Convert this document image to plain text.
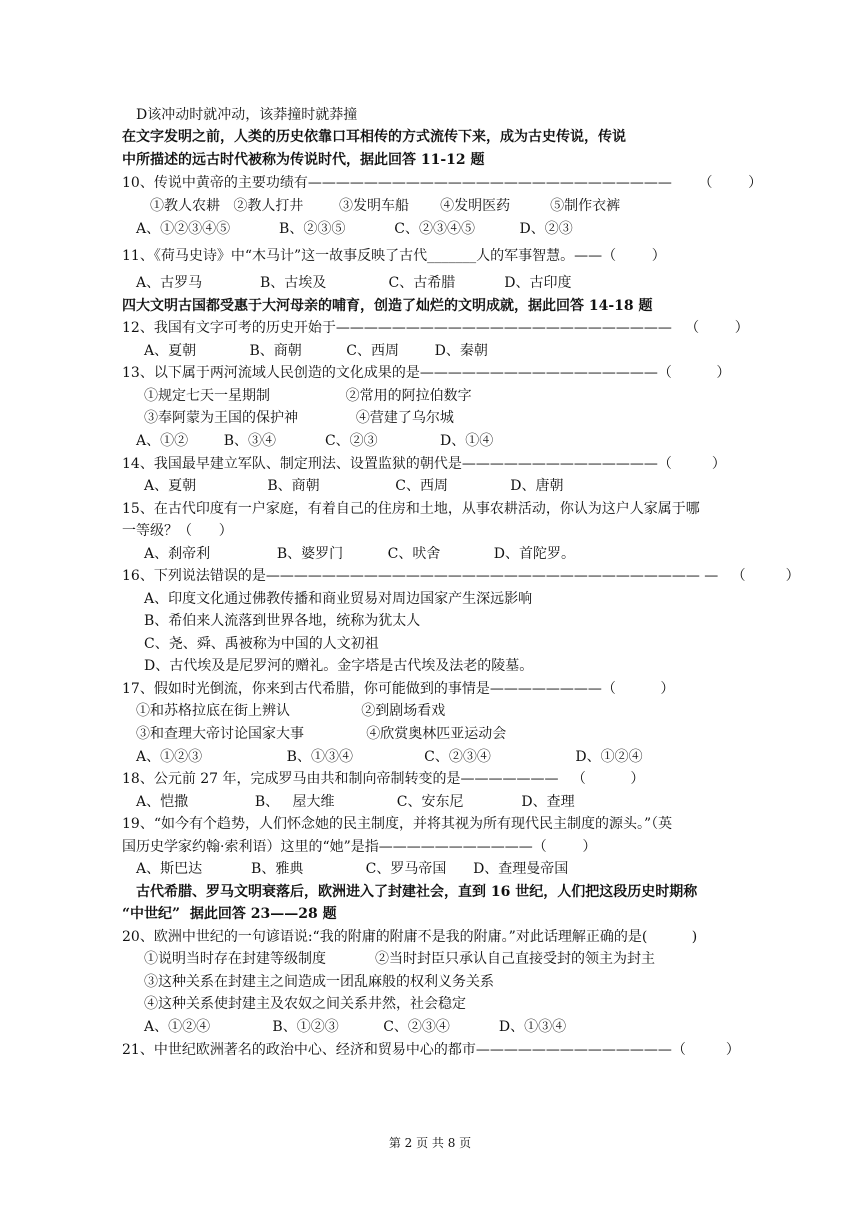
D该冲动时就冲动，该莽撞时就莽撞
在文字发明之前，人类的历史依靠口耳相传的方式流传下来，成为古史传说，传说
中所描述的远古时代被称为传说时代，据此回答 11-12 题
10、传说中黄帝的主要功绩有——————————————————————————      （        ）
①教人农耕   ②教人打井        ③发明车船       ④发明医药         ⑤制作衣裤
A、①②③④⑤           B、②③⑤           C、②③④⑤          D、②③
11、《荷马史诗》中“木马计”这一故事反映了古代_______人的军事智慧。——（        ）
A、古罗马             B、古埃及              C、古希腊           D、古印度
四大文明古国都受惠于大河母亲的哺育，创造了灿烂的文明成就，据此回答 14-18 题
12、我国有文字可考的历史开始于————————————————————————   （        ）
A、夏朝            B、商朝          C、西周        D、秦朝
13、以下属于两河流域人民创造的文化成果的是—————————————————（          ）
①规定七天一星期制                 ②常用的阿拉伯数字
③奉阿蒙为王国的保护神             ④营建了乌尔城
A、①②        B、③④           C、②③              D、①④
14、我国最早建立军队、制定刑法、设置监狱的朝代是——————————————（         ）
A、夏朝                B、商朝                 C、西周              D、唐朝
15、在古代印度有一户家庭，有着自己的住房和土地，从事农耕活动，你认为这户人家属于哪
一等级？（      ）
A、刹帝利               B、婆罗门          C、吠舍            D、首陀罗。
16、下列说法错误的是——————————————————————————————— —   （         ）
A、印度文化通过佛教传播和商业贸易对周边国家产生深远影响
B、希伯来人流落到世界各地，统称为犹太人
C、尧、舜、禹被称为中国的人文初祖
D、古代埃及是尼罗河的赠礼。金字塔是古代埃及法老的陵墓。
17、假如时光倒流，你来到古代希腊，你可能做到的事情是————————（          ）
①和苏格拉底在街上辨认                ②到剧场看戏
③和查理大帝讨论国家大事              ④欣赏奥林匹亚运动会
A、①②③                   B、①③④                C、②③④                   D、①②④
18、公元前 27 年，完成罗马由共和制向帝制转变的是———————   （          ）
A、恺撒               B、   屋大维              C、安东尼             D、查理
19、“如今有个趋势，人们怀念她的民主制度，并将其视为所有现代民主制度的源头。”（英
国历史学家约翰·索利语）这里的“她”是指———————————（        ）
A、斯巴达           B、雅典              C、罗马帝国      D、查理曼帝国
古代希腊、罗马文明衰落后，欧洲进入了封建社会，直到 16 世纪，人们把这段历史时期称
“中世纪”  据此回答 23——28 题
20、欧洲中世纪的一句谚语说:“我的附庸的附庸不是我的附庸。”对此话理解正确的是(          )
①说明当时存在封建等级制度           ②当时封臣只承认自己直接受封的领主为封主
③这种关系在封建主之间造成一团乱麻般的权利义务关系
④这种关系使封建主及农奴之间关系井然，社会稳定
A、①②④              B、①②③          C、②③④           D、①③④
21、中世纪欧洲著名的政治中心、经济和贸易中心的都市——————————————（         ）
第 2 页 共 8 页
